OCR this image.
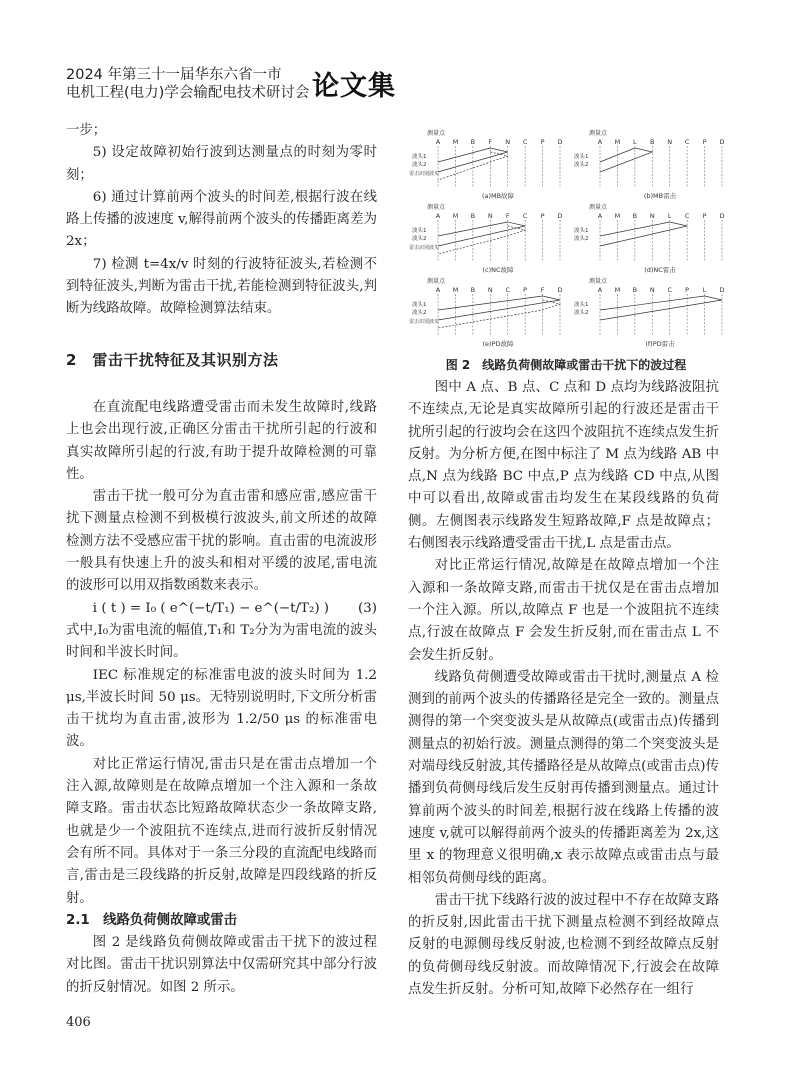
2024 年第三十一届华东六省一市
电机工程(电力)学会输配电技术研讨会 论文集

一步；

5) 设定故障初始行波到达测量点的时刻为零时刻；

6) 通过计算前两个波头的时间差,根据行波在线路上传播的波速度 v,解得前两个波头的传播距离差为 2x；

7) 检测 t=4x/v 时刻的行波特征波头,若检测不到特征波头,判断为雷击干扰,若能检测到特征波头,判断为线路故障。故障检测算法结束。

2　雷击干扰特征及其识别方法

在直流配电线路遭受雷击而未发生故障时,线路上也会出现行波,正确区分雷击干扰所引起的行波和真实故障所引起的行波,有助于提升故障检测的可靠性。

雷击干扰一般可分为直击雷和感应雷,感应雷干扰下测量点检测不到极模行波波头,前文所述的故障检测方法不受感应雷干扰的影响。直击雷的电流波形一般具有快速上升的波头和相对平缓的波尾,雷电流的波形可以用双指数函数来表示。

i ( t ) = I₀ ( e^(−t/T₁) − e^(−t/T₂) ) (3)

式中,I₀为雷电流的幅值,T₁和 T₂分为为雷电流的波头时间和半波长时间。

IEC 标准规定的标准雷电波的波头时间为 1.2 μs,半波长时间 50 μs。无特别说明时,下文所分析雷击干扰均为直击雷,波形为 1.2/50 μs 的标准雷电波。

对比正常运行情况,雷击只是在雷击点增加一个注入源,故障则是在故障点增加一个注入源和一条故障支路。雷击状态比短路故障状态少一条故障支路,也就是少一个波阻抗不连续点,进而行波折反射情况会有所不同。具体对于一条三分段的直流配电线路而言,雷击是三段线路的折反射,故障是四段线路的折反射。

2.1　线路负荷侧故障或雷击

图 2 是线路负荷侧故障或雷击干扰下的波过程对比图。雷击干扰识别算法中仅需研究其中部分行波的折反射情况。如图 2 所示。

测量点
A M B F N C P D
波头1
波头2
雷击识别波头
(a)MB故障
测量点
A M L B N C P D
波头1
波头2
(b)MB雷击
测量点
A M B N F C P D
波头1
波头2
雷击识别波头
(c)NC故障
测量点
A M B N L C P D
波头1
波头2
(d)NC雷击
测量点
A M B N C P F D
波头1
波头2
雷击识别波头
(e)PD故障
测量点
A M B N C P L D
波头1
波头2
(f)PD雷击
图 2　线路负荷侧故障或雷击干扰下的波过程

图中 A 点、B 点、C 点和 D 点均为线路波阻抗不连续点,无论是真实故障所引起的行波还是雷击干扰所引起的行波均会在这四个波阻抗不连续点发生折反射。为分析方便,在图中标注了 M 点为线路 AB 中点,N 点为线路 BC 中点,P 点为线路 CD 中点,从图中可以看出,故障或雷击均发生在某段线路的负荷侧。左侧图表示线路发生短路故障,F 点是故障点；右侧图表示线路遭受雷击干扰,L 点是雷击点。

对比正常运行情况,故障是在故障点增加一个注入源和一条故障支路,而雷击干扰仅是在雷击点增加一个注入源。所以,故障点 F 也是一个波阻抗不连续点,行波在故障点 F 会发生折反射,而在雷击点 L 不会发生折反射。

线路负荷侧遭受故障或雷击干扰时,测量点 A 检测到的前两个波头的传播路径是完全一致的。测量点测得的第一个突变波头是从故障点(或雷击点)传播到测量点的初始行波。测量点测得的第二个突变波头是对端母线反射波,其传播路径是从故障点(或雷击点)传播到负荷侧母线后发生反射再传播到测量点。通过计算前两个波头的时间差,根据行波在线路上传播的波速度 v,就可以解得前两个波头的传播距离差为 2x,这里 x 的物理意义很明确,x 表示故障点或雷击点与最相邻负荷侧母线的距离。

雷击干扰下线路行波的波过程中不存在故障支路的折反射,因此雷击干扰下测量点检测不到经故障点反射的电源侧母线反射波,也检测不到经故障点反射的负荷侧母线反射波。而故障情况下,行波会在故障点发生折反射。分析可知,故障下必然存在一组行

406
